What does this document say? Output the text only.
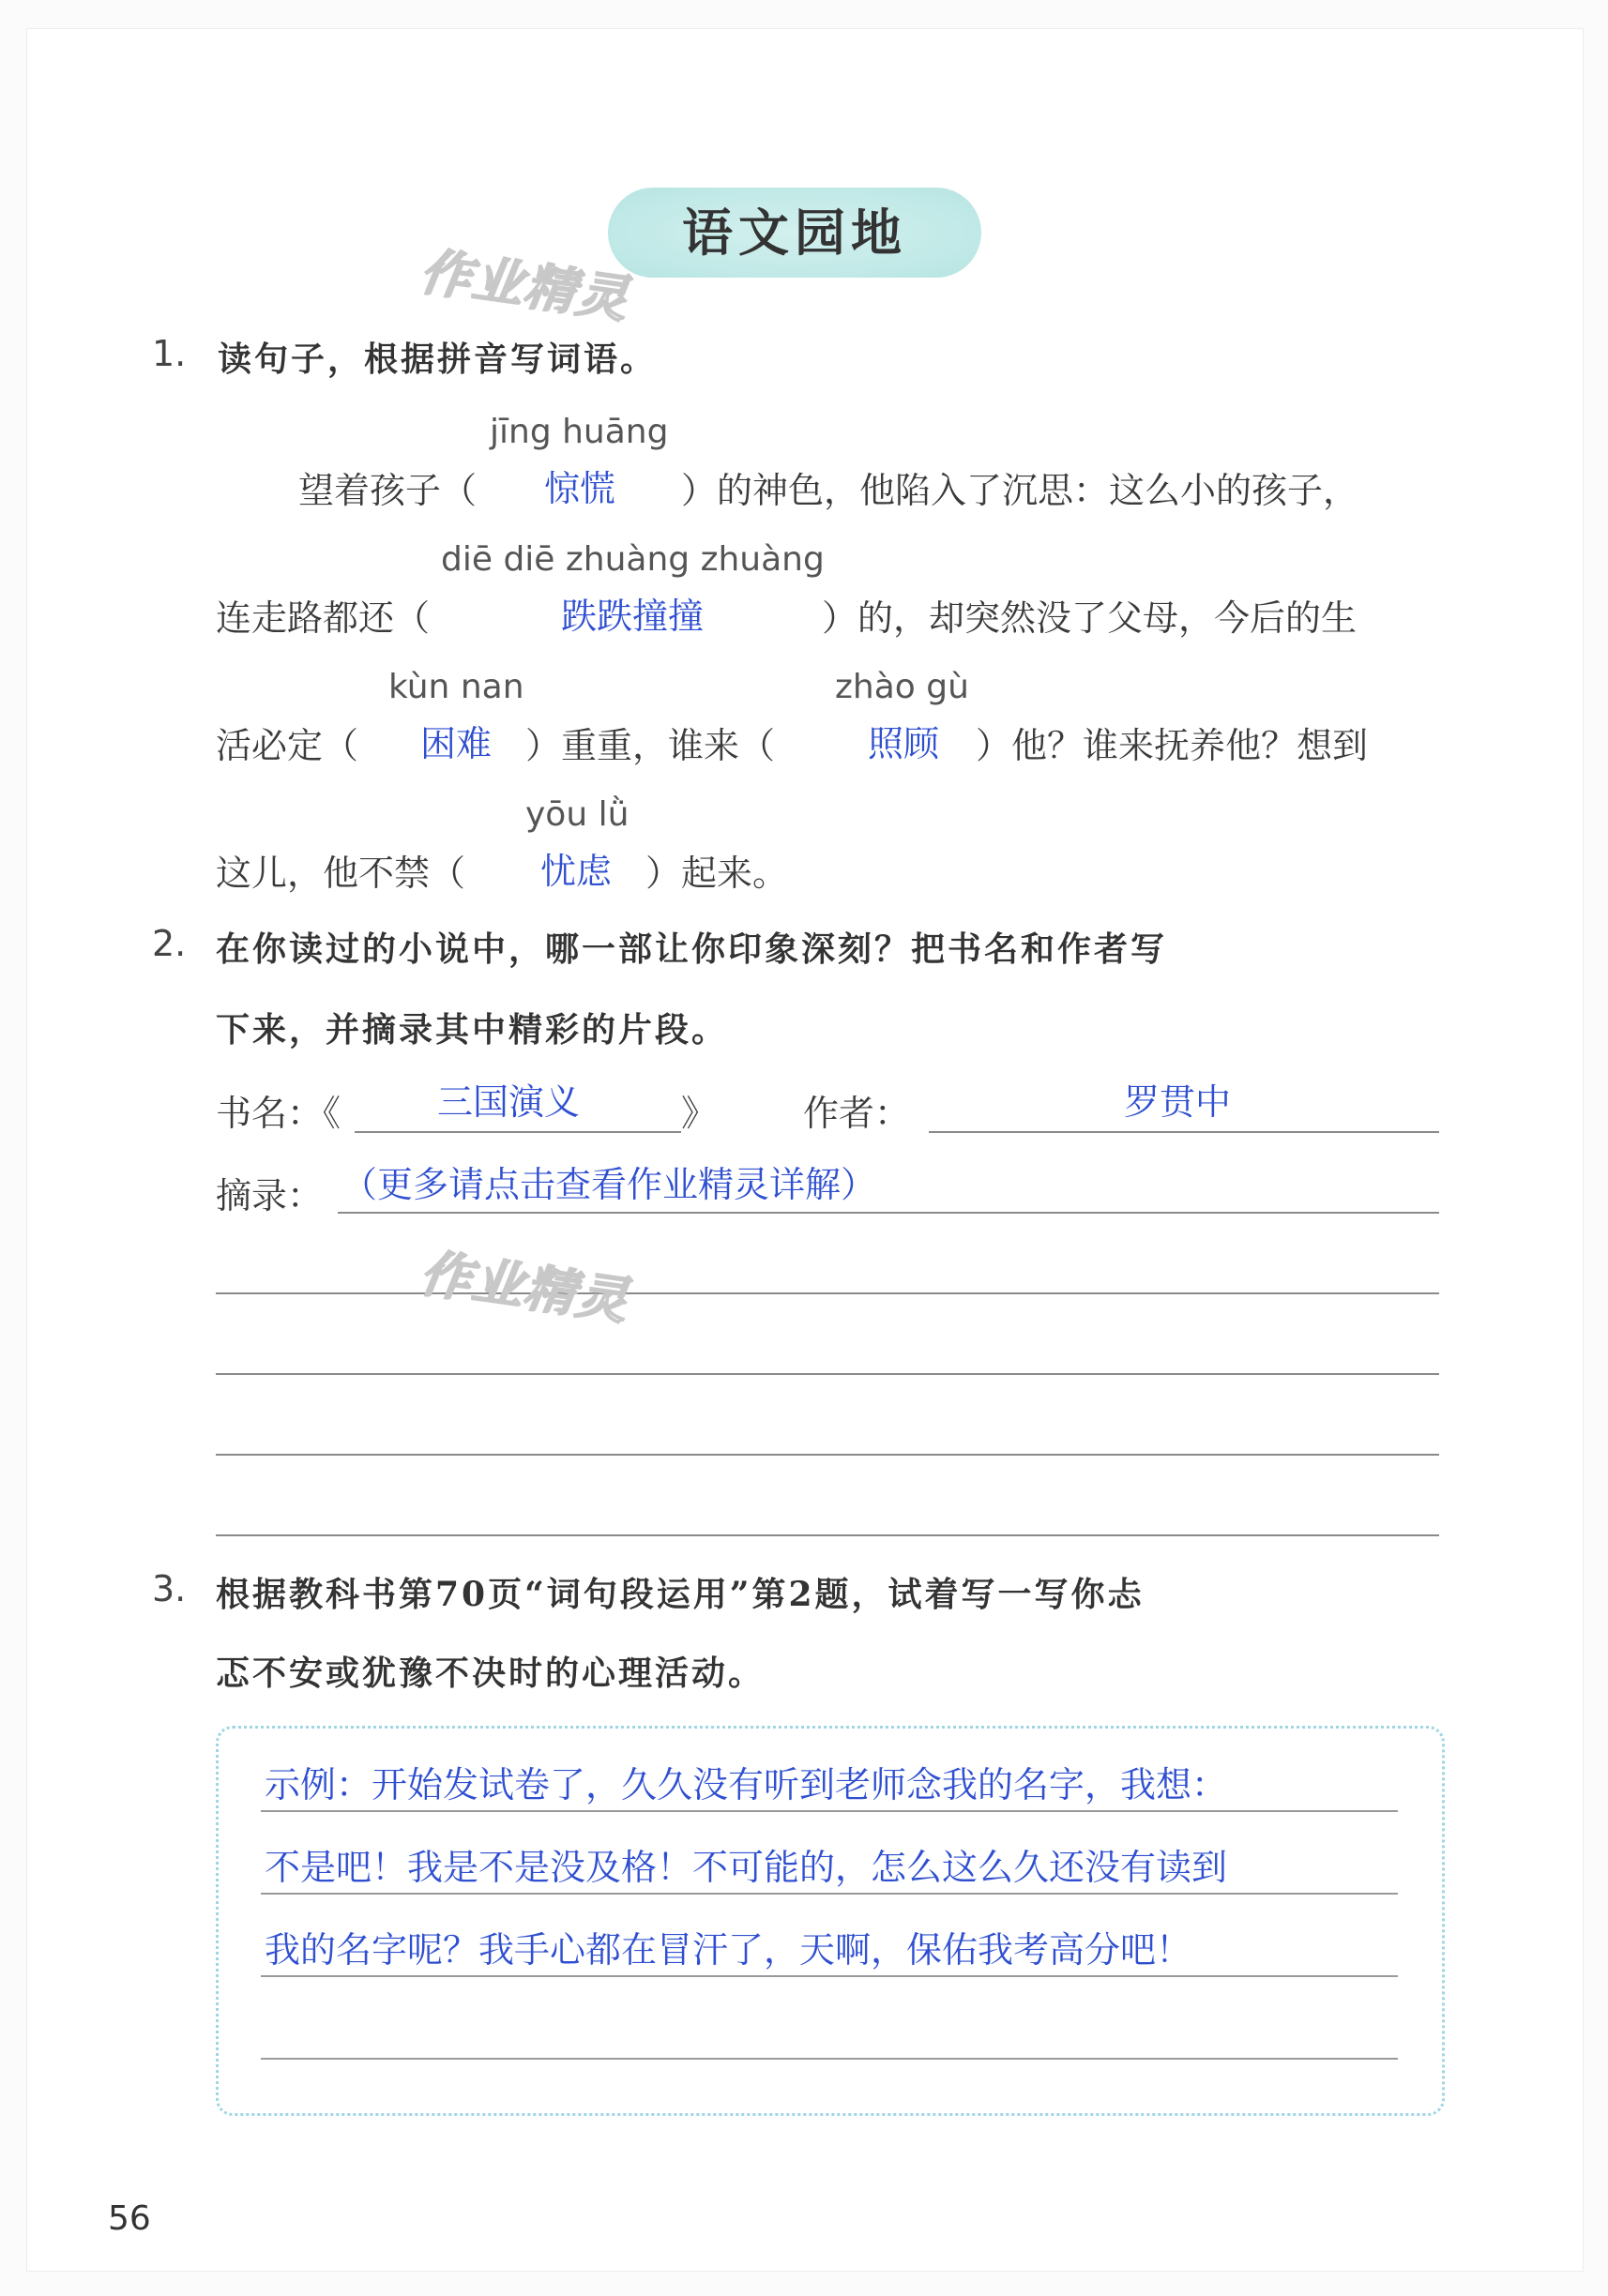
语文园地
作业精灵
1. 读句子，根据拼音写词语。
jīng huāng
望着孩子（ 惊慌 ）的神色，他陷入了沉思：这么小的孩子，
diē diē zhuàng zhuàng
连走路都还（	跌跌撞撞	）的，却突然没了父母，今后的生
kùn nan	zhào gù
活必定（ 困难 ）重重，谁来（	照顾 ）他？谁来抚养他？想到
yōu lǜ
这儿，他不禁（ 忧虑 ）起来。
2. 在你读过的小说中，哪一部让你印象深刻？把书名和作者写
下来，并摘录其中精彩的片段。
书名：《	三国演义	》 作者：	罗贯中
摘录： （更多请点击查看作业精灵详解）
作业精灵
3. 根据教科书第70页“词句段运用”第2题，试着写一写你忐
忑不安或犹豫不决时的心理活动。
示例：开始发试卷了，久久没有听到老师念我的名字，我想：
不是吧！我是不是没及格！不可能的，怎么这么久还没有读到
我的名字呢？我手心都在冒汗了，天啊，保佑我考高分吧！
56
